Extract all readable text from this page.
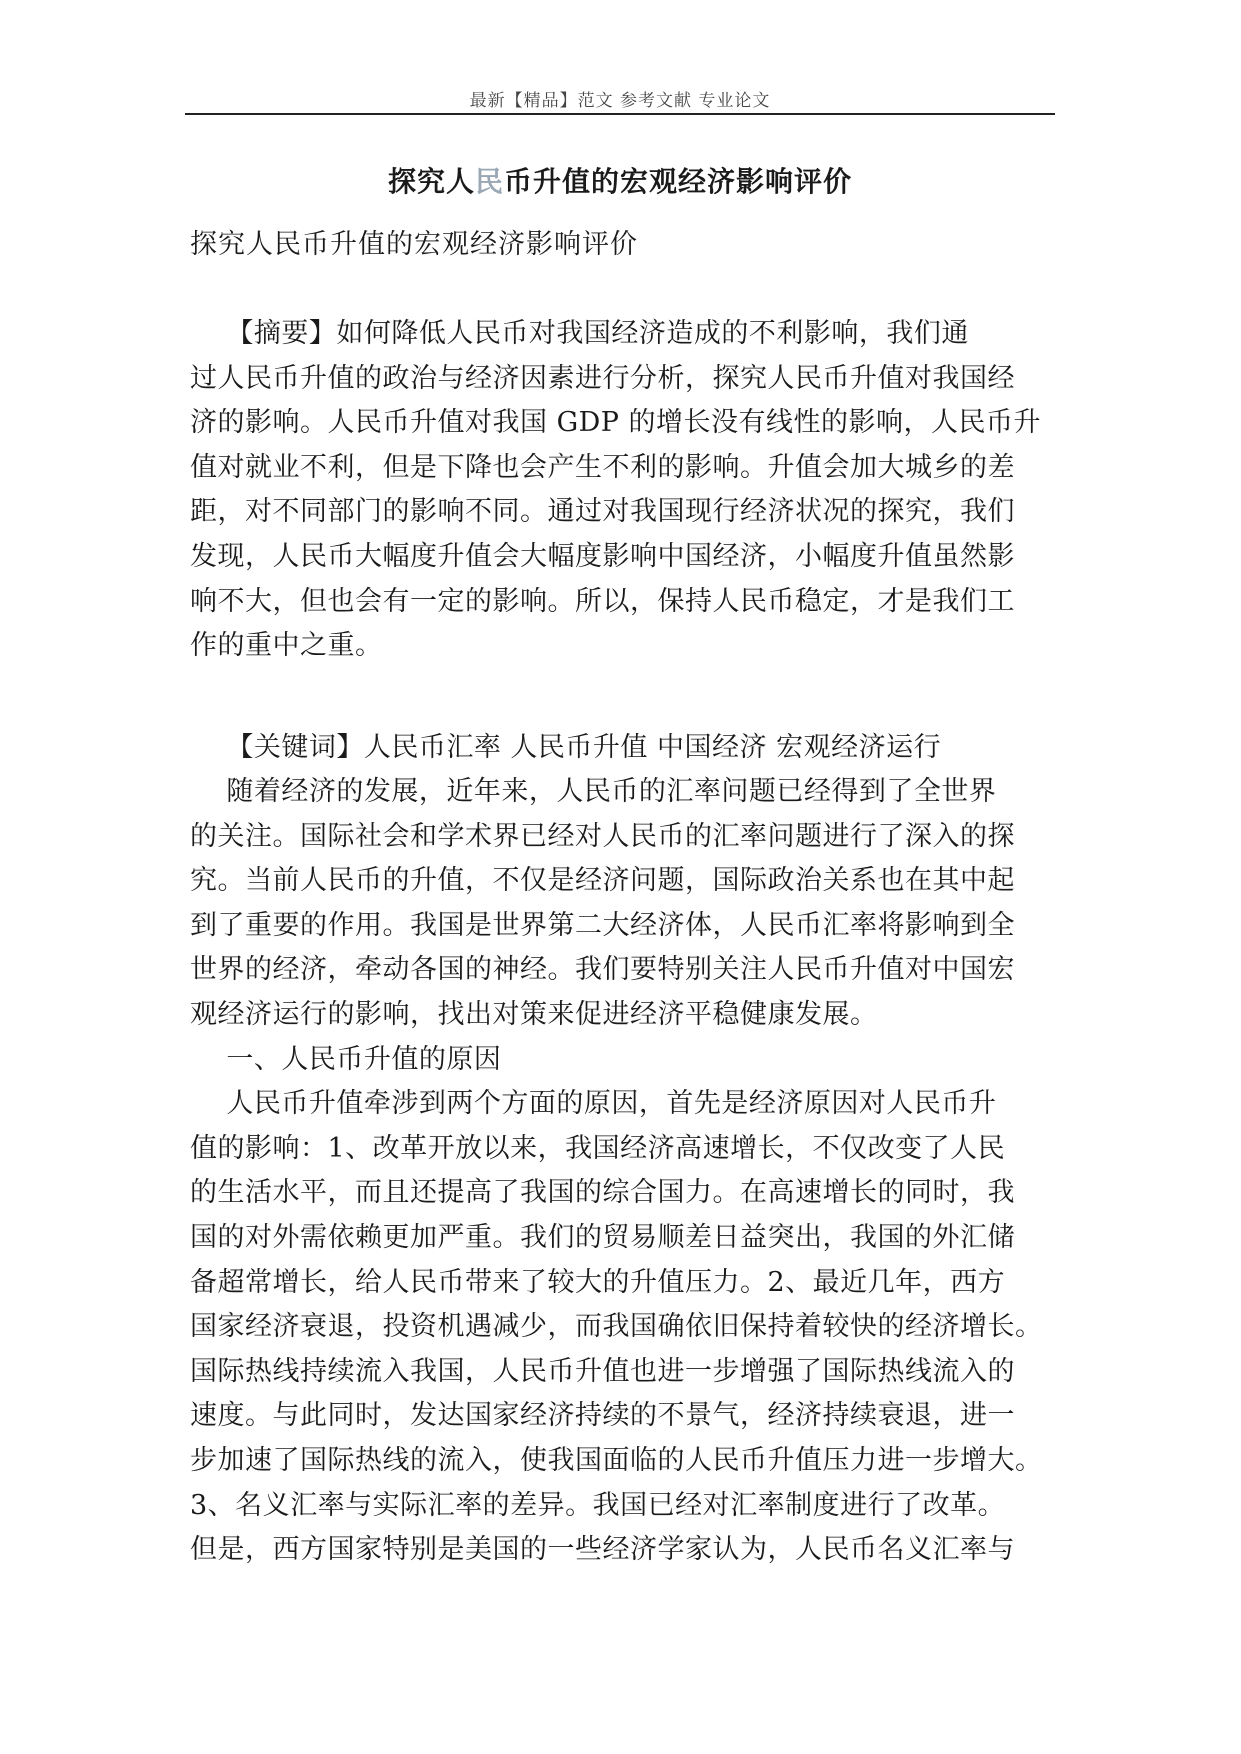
最新【精品】范文 参考文献 专业论文
探究人民币升值的宏观经济影响评价
探究人民币升值的宏观经济影响评价
【摘要】如何降低人民币对我国经济造成的不利影响，我们通
过人民币升值的政治与经济因素进行分析，探究人民币升值对我国经
济的影响。人民币升值对我国 GDP 的增长没有线性的影响，人民币升
值对就业不利，但是下降也会产生不利的影响。升值会加大城乡的差
距，对不同部门的影响不同。通过对我国现行经济状况的探究，我们
发现，人民币大幅度升值会大幅度影响中国经济，小幅度升值虽然影
响不大，但也会有一定的影响。所以，保持人民币稳定，才是我们工
作的重中之重。
【关键词】人民币汇率 人民币升值 中国经济 宏观经济运行
随着经济的发展，近年来，人民币的汇率问题已经得到了全世界
的关注。国际社会和学术界已经对人民币的汇率问题进行了深入的探
究。当前人民币的升值，不仅是经济问题，国际政治关系也在其中起
到了重要的作用。我国是世界第二大经济体，人民币汇率将影响到全
世界的经济，牵动各国的神经。我们要特别关注人民币升值对中国宏
观经济运行的影响，找出对策来促进经济平稳健康发展。
一、人民币升值的原因
人民币升值牵涉到两个方面的原因，首先是经济原因对人民币升
值的影响：1、改革开放以来，我国经济高速增长，不仅改变了人民
的生活水平，而且还提高了我国的综合国力。在高速增长的同时，我
国的对外需依赖更加严重。我们的贸易顺差日益突出，我国的外汇储
备超常增长，给人民币带来了较大的升值压力。2、最近几年，西方
国家经济衰退，投资机遇减少，而我国确依旧保持着较快的经济增长。
国际热线持续流入我国，人民币升值也进一步增强了国际热线流入的
速度。与此同时，发达国家经济持续的不景气，经济持续衰退，进一
步加速了国际热线的流入，使我国面临的人民币升值压力进一步增大。
3、名义汇率与实际汇率的差异。我国已经对汇率制度进行了改革。
但是，西方国家特别是美国的一些经济学家认为，人民币名义汇率与
